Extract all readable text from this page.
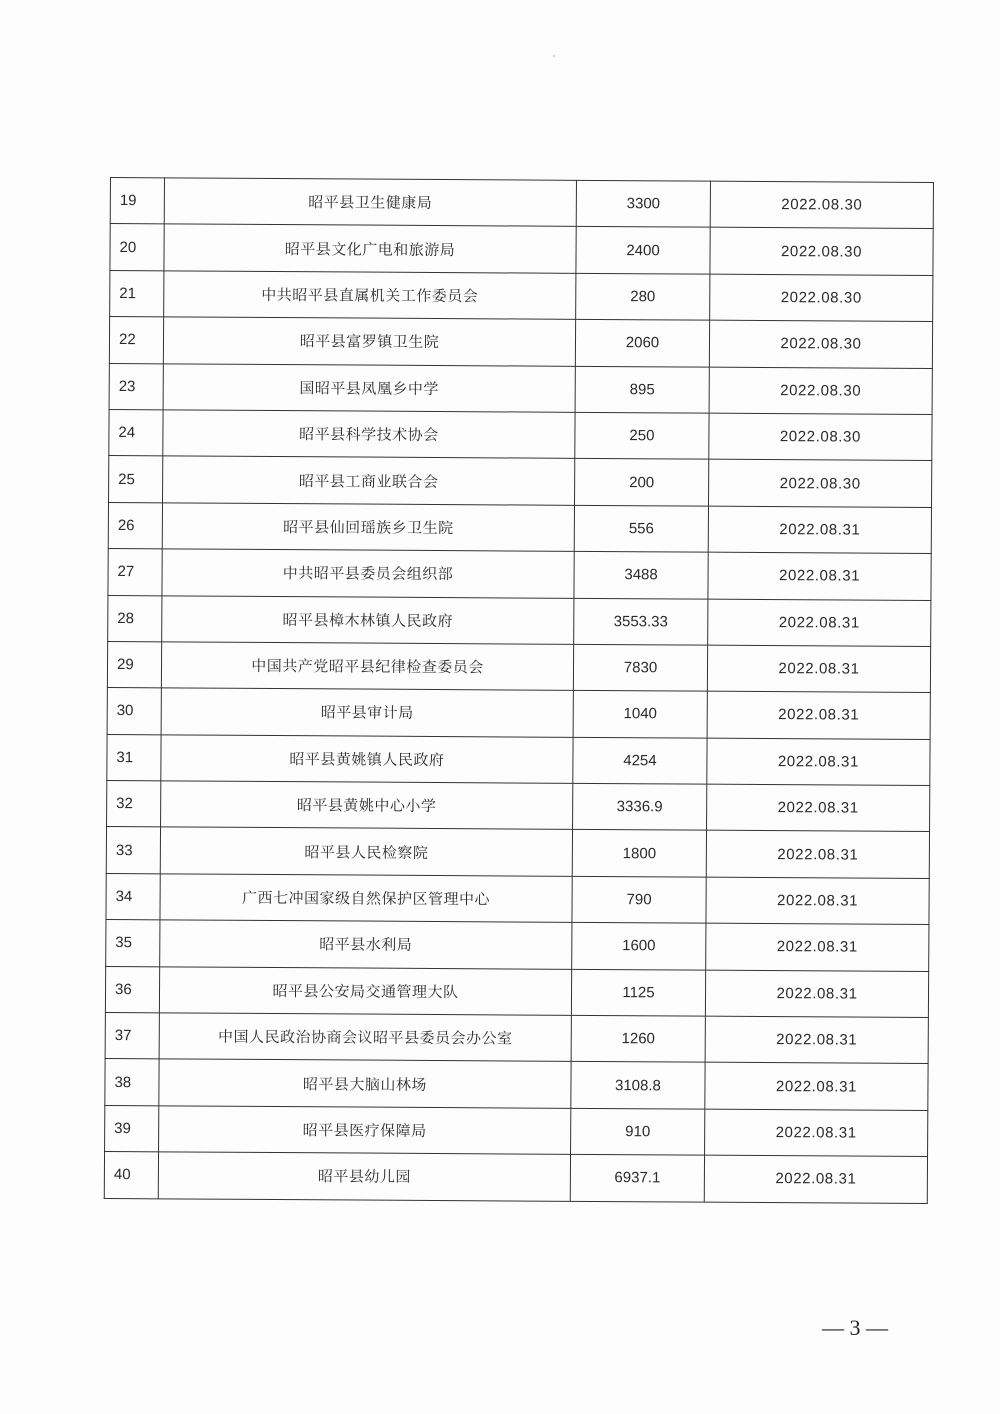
19	昭平县卫生健康局	3300	2022.08.30
20	昭平县文化广电和旅游局	2400	2022.08.30
21	中共昭平县直属机关工作委员会	280	2022.08.30
22	昭平县富罗镇卫生院	2060	2022.08.30
23	国昭平县凤凰乡中学	895	2022.08.30
24	昭平县科学技术协会	250	2022.08.30
25	昭平县工商业联合会	200	2022.08.30
26	昭平县仙回瑶族乡卫生院	556	2022.08.31
27	中共昭平县委员会组织部	3488	2022.08.31
28	昭平县樟木林镇人民政府	3553.33	2022.08.31
29	中国共产党昭平县纪律检查委员会	7830	2022.08.31
30	昭平县审计局	1040	2022.08.31
31	昭平县黄姚镇人民政府	4254	2022.08.31
32	昭平县黄姚中心小学	3336.9	2022.08.31
33	昭平县人民检察院	1800	2022.08.31
34	广西七冲国家级自然保护区管理中心	790	2022.08.31
35	昭平县水利局	1600	2022.08.31
36	昭平县公安局交通管理大队	1125	2022.08.31
37	中国人民政治协商会议昭平县委员会办公室	1260	2022.08.31
38	昭平县大脑山林场	3108.8	2022.08.31
39	昭平县医疗保障局	910	2022.08.31
40	昭平县幼儿园	6937.1	2022.08.31
— 3 —
